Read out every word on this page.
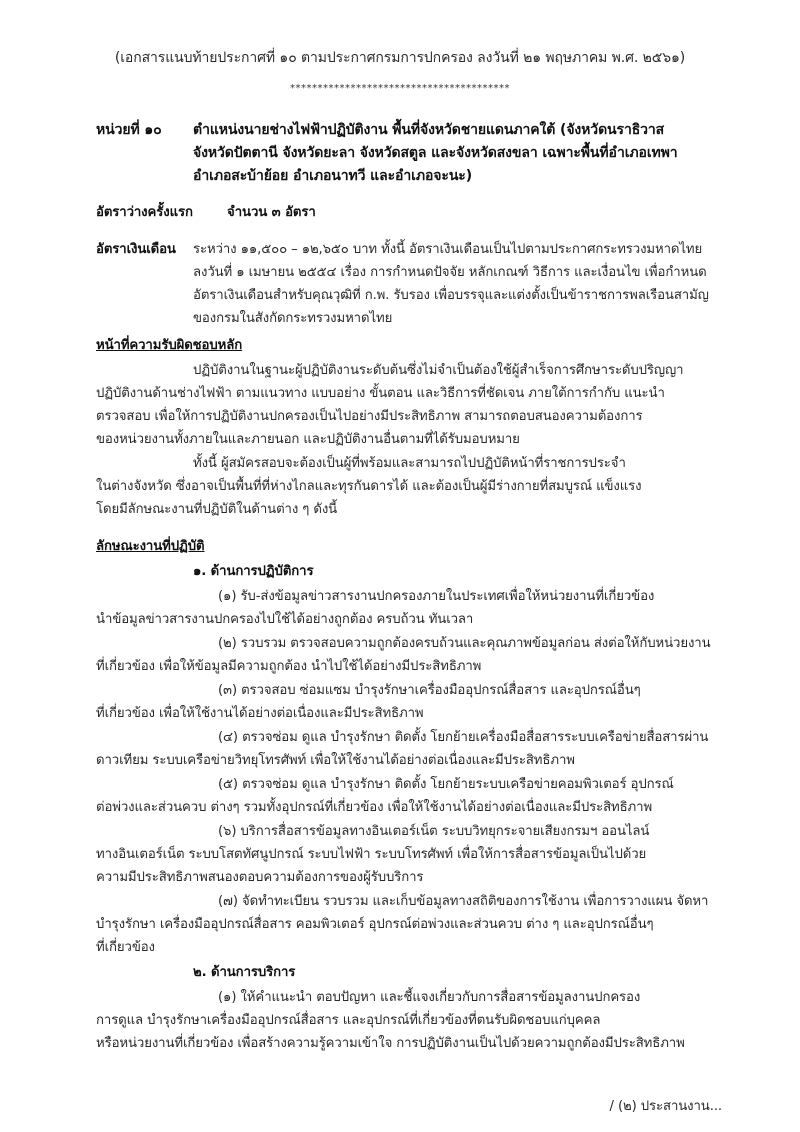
(เอกสารแนบท้ายประกาศที่ ๑๐ ตามประกาศกรมการปกครอง ลงวันที่ ๒๑ พฤษภาคม พ.ศ. ๒๕๖๑)
****************************************
หน่วยที่ ๑๐ ตำแหน่งนายช่างไฟฟ้าปฏิบัติงาน พื้นที่จังหวัดชายแดนภาคใต้ (จังหวัดนราธิวาส
จังหวัดปัตตานี จังหวัดยะลา จังหวัดสตูล และจังหวัดสงขลา เฉพาะพื้นที่อำเภอเทพา
อำเภอสะบ้าย้อย อำเภอนาทวี และอำเภอจะนะ)
อัตราว่างครั้งแรก	จำนวน ๓ อัตรา
อัตราเงินเดือน ระหว่าง ๑๑,๕๐๐ – ๑๒,๖๕๐ บาท ทั้งนี้ อัตราเงินเดือนเป็นไปตามประกาศกระทรวงมหาดไทย
ลงวันที่ ๑ เมษายน ๒๕๕๔ เรื่อง การกำหนดปัจจัย หลักเกณฑ์ วิธีการ และเงื่อนไข เพื่อกำหนด
อัตราเงินเดือนสำหรับคุณวุฒิที่ ก.พ. รับรอง เพื่อบรรจุและแต่งตั้งเป็นข้าราชการพลเรือนสามัญ
ของกรมในสังกัดกระทรวงมหาดไทย
หน้าที่ความรับผิดชอบหลัก
ปฏิบัติงานในฐานะผู้ปฏิบัติงานระดับต้นซึ่งไม่จำเป็นต้องใช้ผู้สำเร็จการศึกษาระดับปริญญา
ปฏิบัติงานด้านช่างไฟฟ้า ตามแนวทาง แบบอย่าง ขั้นตอน และวิธีการที่ชัดเจน ภายใต้การกำกับ แนะนำ
ตรวจสอบ เพื่อให้การปฏิบัติงานปกครองเป็นไปอย่างมีประสิทธิภาพ สามารถตอบสนองความต้องการ
ของหน่วยงานทั้งภายในและภายนอก และปฏิบัติงานอื่นตามที่ได้รับมอบหมาย
ทั้งนี้ ผู้สมัครสอบจะต้องเป็นผู้ที่พร้อมและสามารถไปปฏิบัติหน้าที่ราชการประจำ
ในต่างจังหวัด ซึ่งอาจเป็นพื้นที่ที่ห่างไกลและทุรกันดารได้ และต้องเป็นผู้มีร่างกายที่สมบูรณ์ แข็งแรง
โดยมีลักษณะงานที่ปฏิบัติในด้านต่าง ๆ ดังนี้
ลักษณะงานที่ปฏิบัติ
๑. ด้านการปฏิบัติการ
(๑) รับ-ส่งข้อมูลข่าวสารงานปกครองภายในประเทศเพื่อให้หน่วยงานที่เกี่ยวข้อง
นำข้อมูลข่าวสารงานปกครองไปใช้ได้อย่างถูกต้อง ครบถ้วน ทันเวลา
(๒) รวบรวม ตรวจสอบความถูกต้องครบถ้วนและคุณภาพข้อมูลก่อน ส่งต่อให้กับหน่วยงาน
ที่เกี่ยวข้อง เพื่อให้ข้อมูลมีความถูกต้อง นำไปใช้ได้อย่างมีประสิทธิภาพ
(๓) ตรวจสอบ ซ่อมแซม บำรุงรักษาเครื่องมืออุปกรณ์สื่อสาร และอุปกรณ์อื่นๆ
ที่เกี่ยวข้อง เพื่อให้ใช้งานได้อย่างต่อเนื่องและมีประสิทธิภาพ
(๔) ตรวจซ่อม ดูแล บำรุงรักษา ติดตั้ง โยกย้ายเครื่องมือสื่อสารระบบเครือข่ายสื่อสารผ่าน
ดาวเทียม ระบบเครือข่ายวิทยุโทรศัพท์ เพื่อให้ใช้งานได้อย่างต่อเนื่องและมีประสิทธิภาพ
(๕) ตรวจซ่อม ดูแล บำรุงรักษา ติดตั้ง โยกย้ายระบบเครือข่ายคอมพิวเตอร์ อุปกรณ์
ต่อพ่วงและส่วนควบ ต่างๆ รวมทั้งอุปกรณ์ที่เกี่ยวข้อง เพื่อให้ใช้งานได้อย่างต่อเนื่องและมีประสิทธิภาพ
(๖) บริการสื่อสารข้อมูลทางอินเตอร์เน็ต ระบบวิทยุกระจายเสียงกรมฯ ออนไลน์
ทางอินเตอร์เน็ต ระบบโสตทัศนูปกรณ์ ระบบไฟฟ้า ระบบโทรศัพท์ เพื่อให้การสื่อสารข้อมูลเป็นไปด้วย
ความมีประสิทธิภาพสนองตอบความต้องการของผู้รับบริการ
(๗) จัดทำทะเบียน รวบรวม และเก็บข้อมูลทางสถิติของการใช้งาน เพื่อการวางแผน จัดหา
บำรุงรักษา เครื่องมืออุปกรณ์สื่อสาร คอมพิวเตอร์ อุปกรณ์ต่อพ่วงและส่วนควบ ต่าง ๆ และอุปกรณ์อื่นๆ
ที่เกี่ยวข้อง
๒. ด้านการบริการ
(๑) ให้คำแนะนำ ตอบปัญหา และชี้แจงเกี่ยวกับการสื่อสารข้อมูลงานปกครอง
การดูแล บำรุงรักษาเครื่องมืออุปกรณ์สื่อสาร และอุปกรณ์ที่เกี่ยวข้องที่ตนรับผิดชอบแก่บุคคล
หรือหน่วยงานที่เกี่ยวข้อง เพื่อสร้างความรู้ความเข้าใจ การปฏิบัติงานเป็นไปด้วยความถูกต้องมีประสิทธิภาพ
/ (๒) ประสานงาน...
